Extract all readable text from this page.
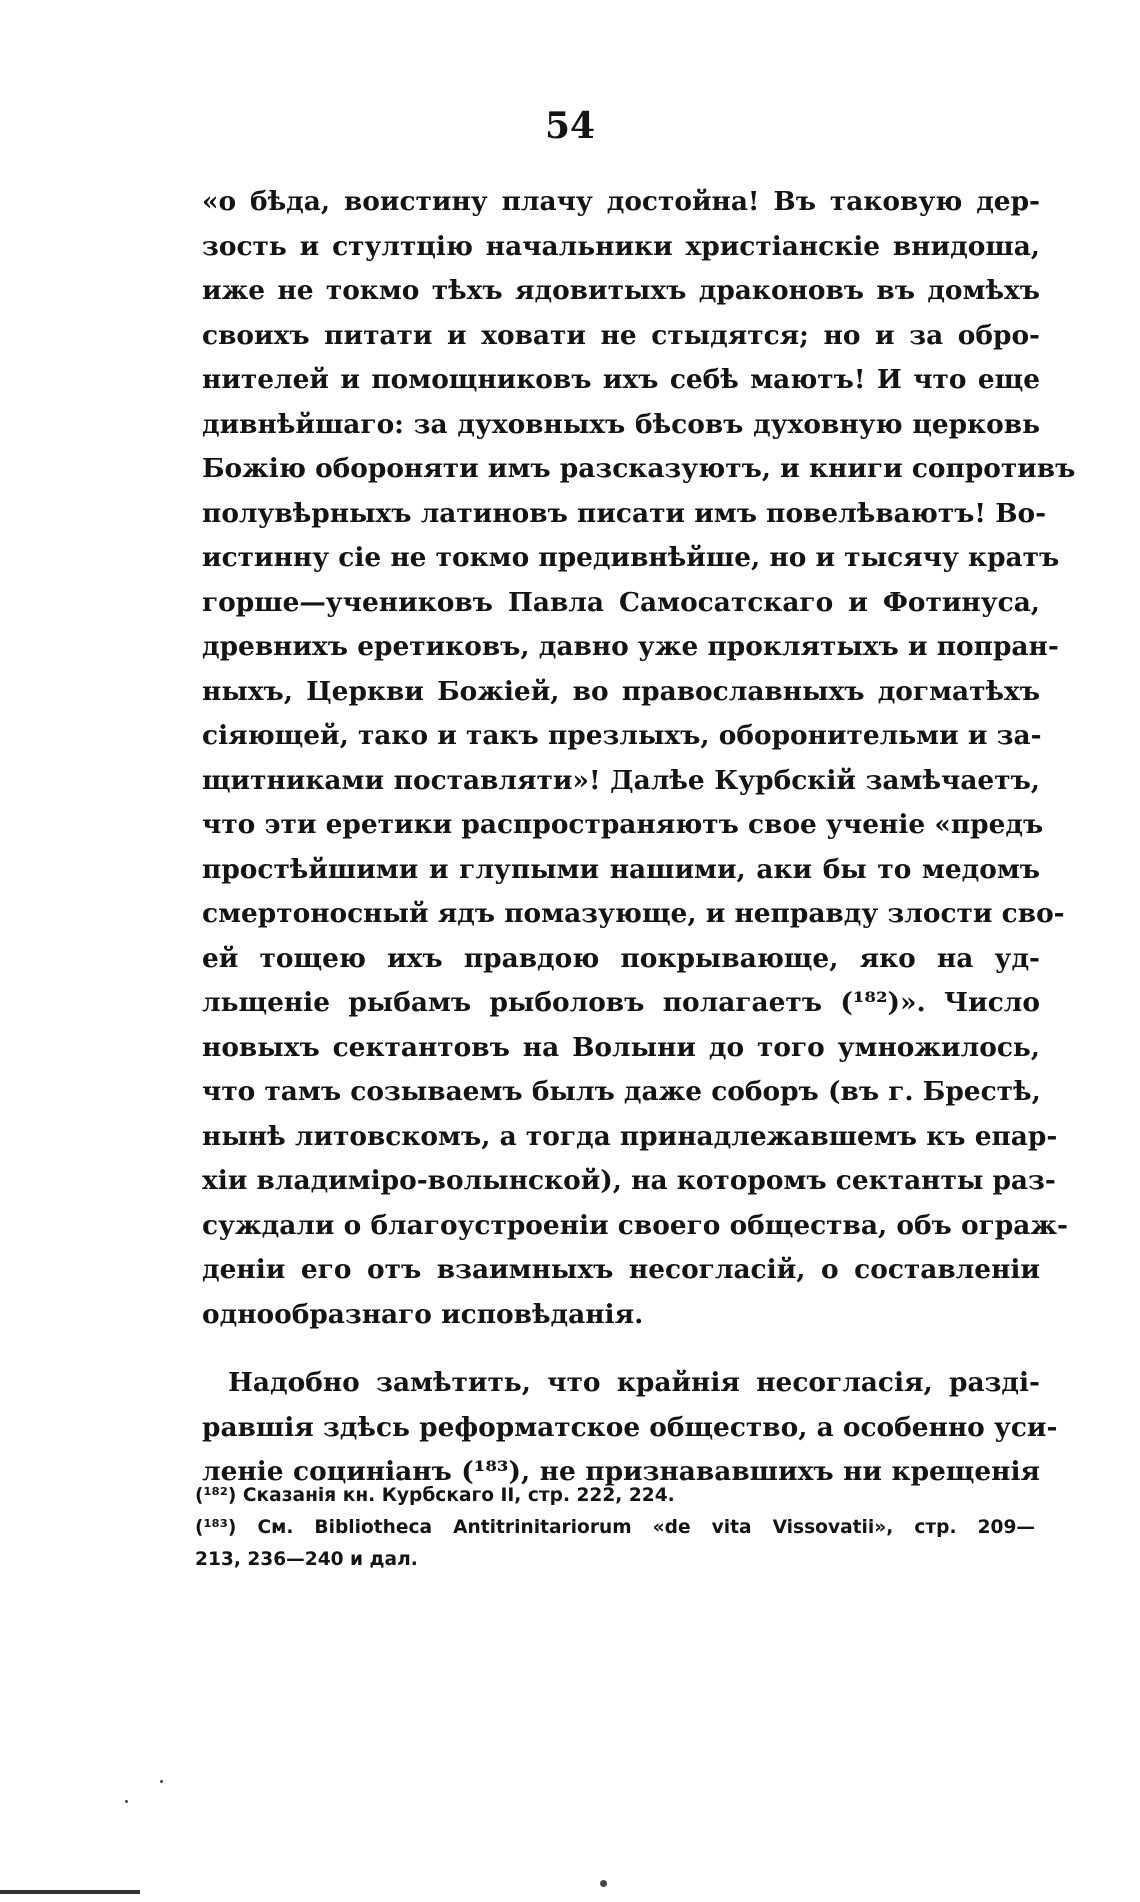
54
«о бѣда, воистину плачу достойна! Въ таковую дер-
зость и стултцію начальники христіанскіе внидоша,
иже не токмо тѣхъ ядовитыхъ драконовъ въ домѣхъ
своихъ питати и ховати не стыдятся; но и за обро-
нителей и помощниковъ ихъ себѣ маютъ! И что еще
дивнѣйшаго: за духовныхъ бѣсовъ духовную церковь
Божію обороняти имъ разсказуютъ, и книги сопротивъ
полувѣрныхъ латиновъ писати имъ повелѣваютъ! Во-
истинну сіе не токмо предивнѣйше, но и тысячу кратъ
горше—учениковъ Павла Самосатскаго и Фотинуса,
древнихъ еретиковъ, давно уже проклятыхъ и попран-
ныхъ, Церкви Божіей, во православныхъ догматѣхъ
сіяющей, тако и такъ презлыхъ, оборонительми и за-
щитниками поставляти»! Далѣе Курбскій замѣчаетъ,
что эти еретики распространяютъ свое ученіе «предъ
простѣйшими и глупыми нашими, аки бы то медомъ
смертоносный ядъ помазующе, и неправду злости сво-
ей тощею ихъ правдою покрывающе, яко на уд-
льщеніе рыбамъ рыболовъ полагаетъ (¹⁸²)». Число
новыхъ сектантовъ на Волыни до того умножилось,
что тамъ созываемъ былъ даже соборъ (въ г. Брестѣ,
нынѣ литовскомъ, а тогда принадлежавшемъ къ епар-
хіи владиміро-волынской), на которомъ сектанты раз-
суждали о благоустроеніи своего общества, объ ограж-
деніи его отъ взаимныхъ несогласій, о составленіи
однообразнаго исповѣданія.
Надобно замѣтить, что крайнія несогласія, раздi-
равшія здѣсь реформатское общество, а особенно уси-
леніе социніанъ (¹⁸³), не признававшихъ ни крещенія
(¹⁸²) Сказанія кн. Курбскаго II, стр. 222, 224.
(¹⁸³) См. Bibliotheca Antitrinitariorum «de vita Vissovatii», стр. 209—
213, 236—240 и дал.
